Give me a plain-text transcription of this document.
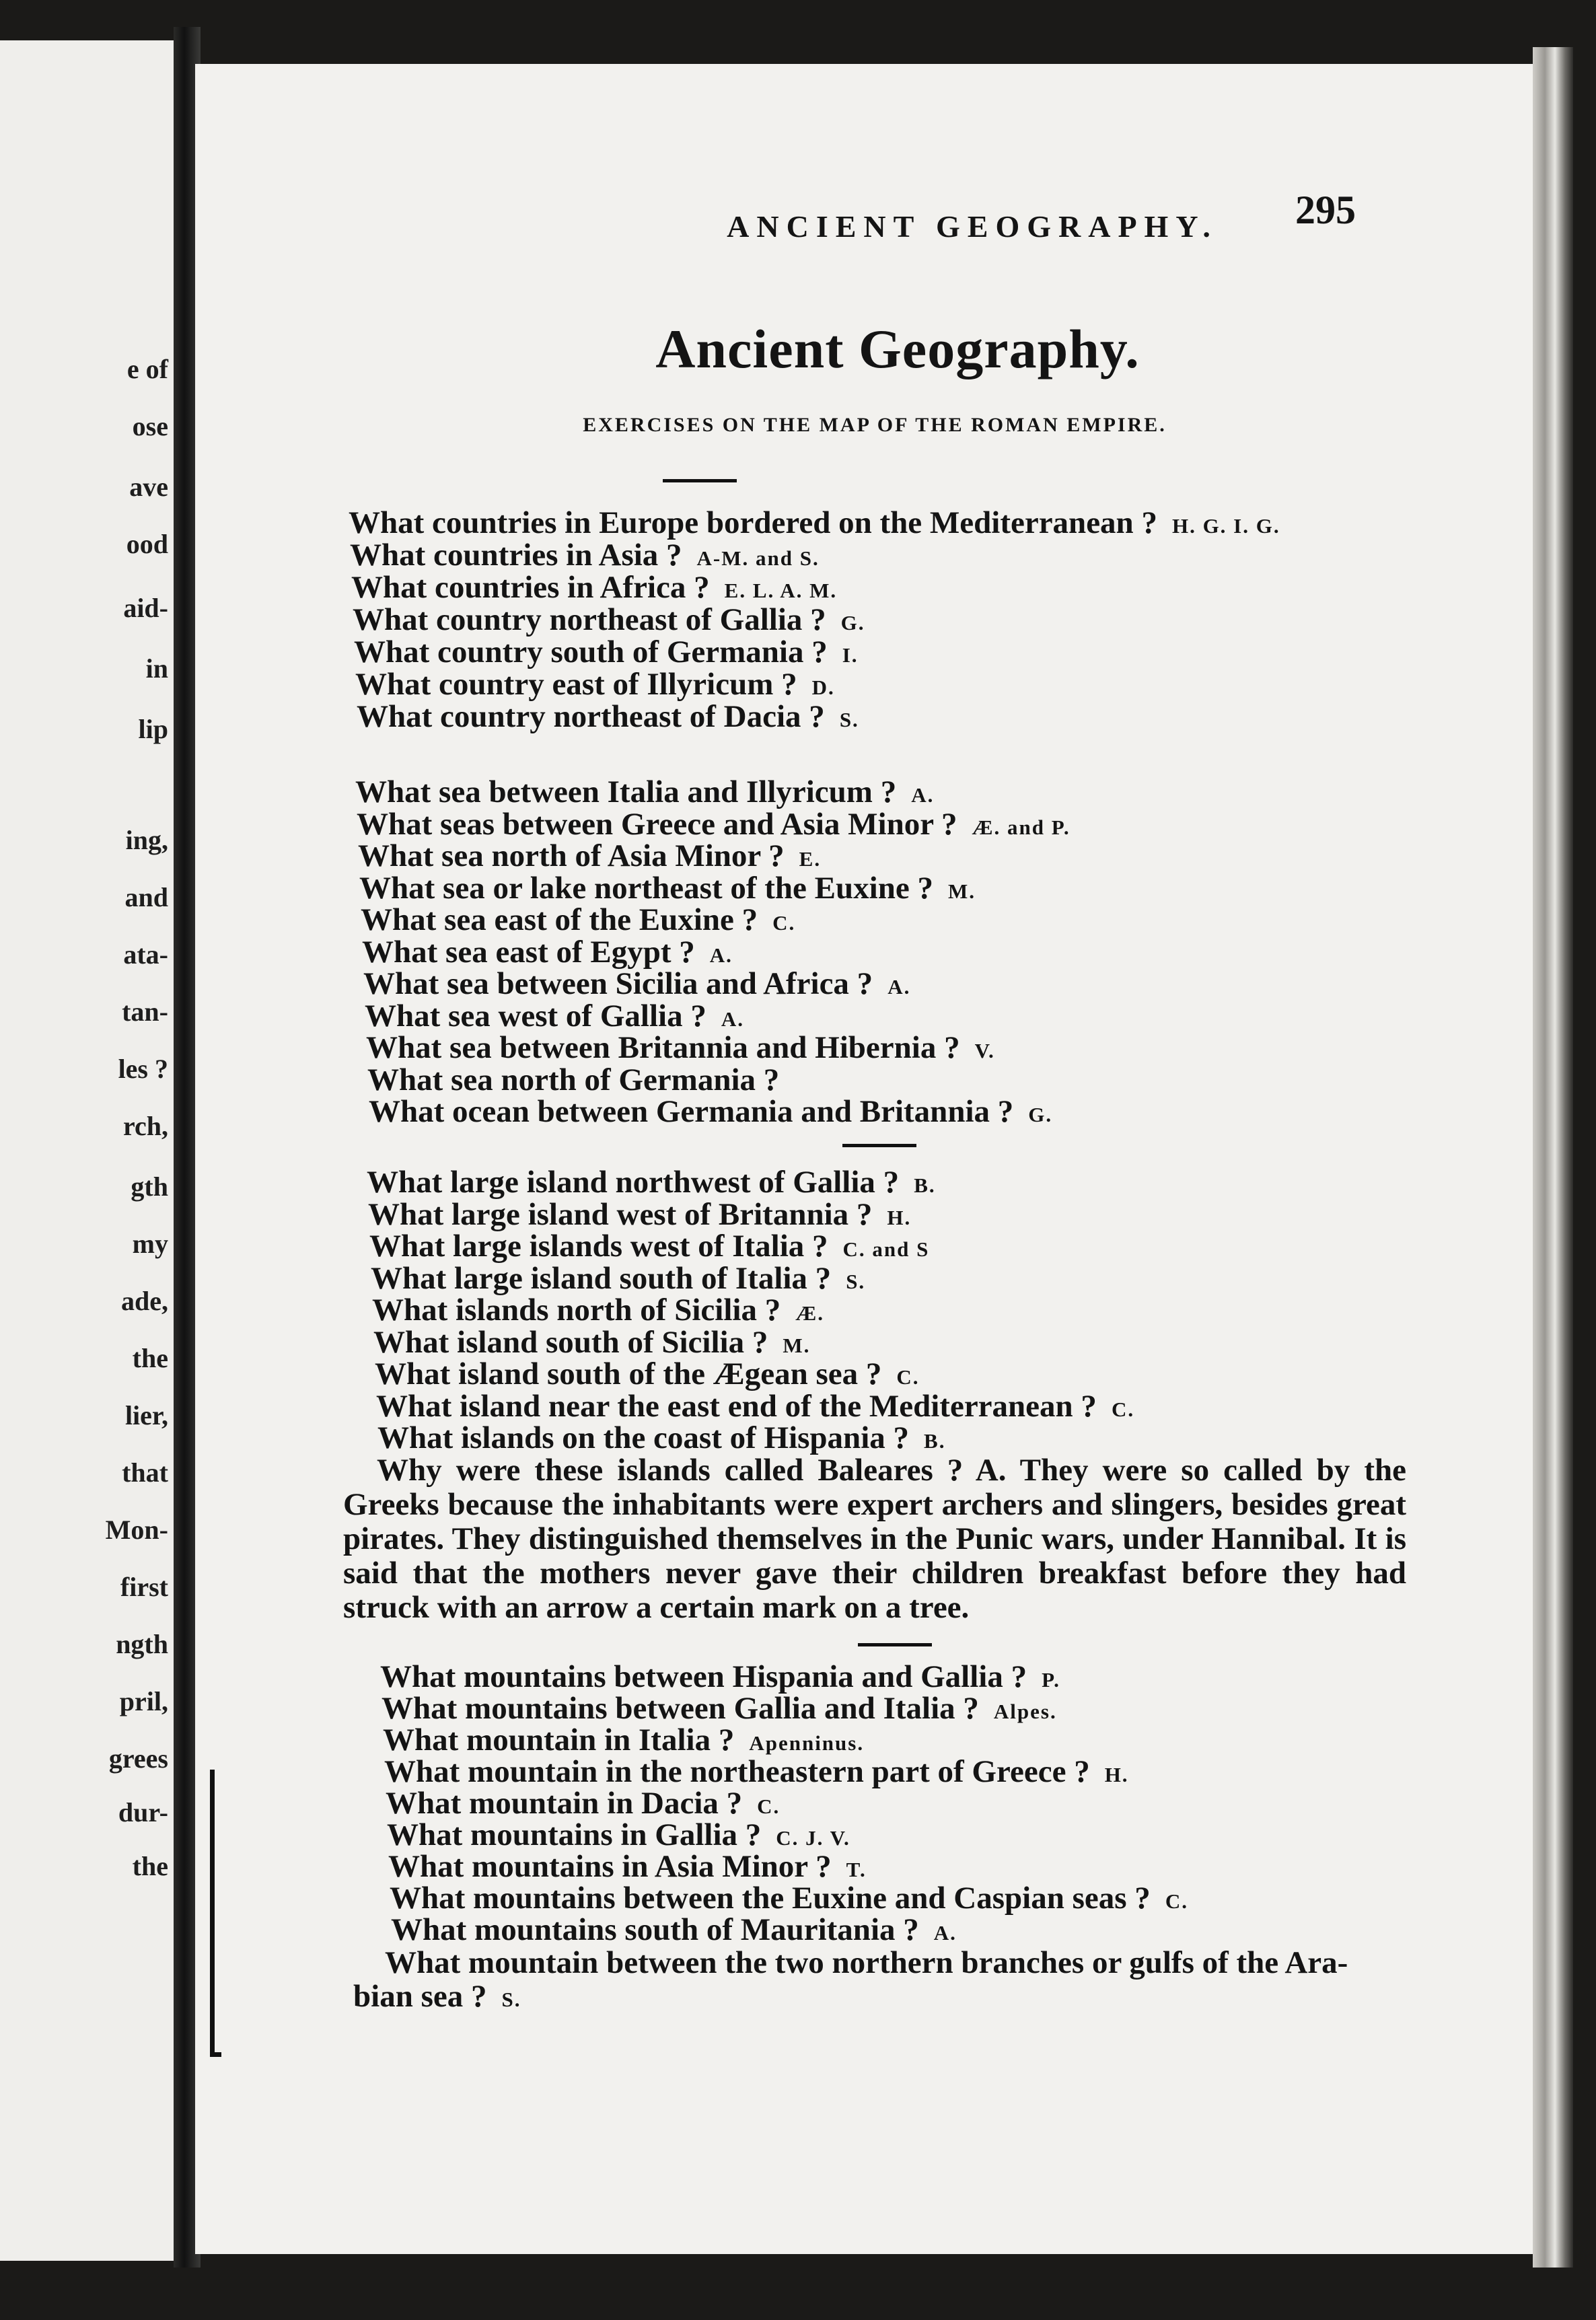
e of
ose
ave
ood
aid-
in
lip
ing,
and
ata-
tan-
les ?
rch,
gth
my
ade,
the
lier,
that
Mon-
first
ngth
pril,
grees
dur-
the
ANCIENT GEOGRAPHY.	295
Ancient Geography.
EXERCISES ON THE MAP OF THE ROMAN EMPIRE.
What countries in Europe bordered on the Mediterranean ? H. G. I. G.
What countries in Asia ? A-M. and S.
What countries in Africa ? E. L. A. M.
What country northeast of Gallia ? G.
What country south of Germania ? I.
What country east of Illyricum ? D.
What country northeast of Dacia ? S.
What sea between Italia and Illyricum ? A.
What seas between Greece and Asia Minor ? Æ. and P.
What sea north of Asia Minor ? E.
What sea or lake northeast of the Euxine ? M.
What sea east of the Euxine ? C.
What sea east of Egypt ? A.
What sea between Sicilia and Africa ? A.
What sea west of Gallia ? A.
What sea between Britannia and Hibernia ? V.
What sea north of Germania ?
What ocean between Germania and Britannia ? G.
What large island northwest of Gallia ? B.
What large island west of Britannia ? H.
What large islands west of Italia ? C. and S
What large island south of Italia ? S.
What islands north of Sicilia ? Æ.
What island south of Sicilia ? M.
What island south of the Ægean sea ? C.
What island near the east end of the Mediterranean ? C.
What islands on the coast of Hispania ? B.
What mountains between Hispania and Gallia ? P.
What mountains between Gallia and Italia ? Alpes.
What mountain in Italia ? Apenninus.
What mountain in the northeastern part of Greece ? H.
What mountain in Dacia ? C.
What mountains in Gallia ? C. J. V.
What mountains in Asia Minor ? T.
What mountains between the Euxine and Caspian seas ? C.
What mountains south of Mauritania ? A.
What mountain between the two northern branches or gulfs of the Ara-
bian sea ? S.
Why were these islands called Baleares ? A. They were so called by the Greeks because the inhabitants were expert archers and slingers, besides great pirates. They distinguished themselves in the Punic wars, under Hannibal. It is said that the mothers never gave their children breakfast before they had struck with an arrow a certain mark on a tree.
